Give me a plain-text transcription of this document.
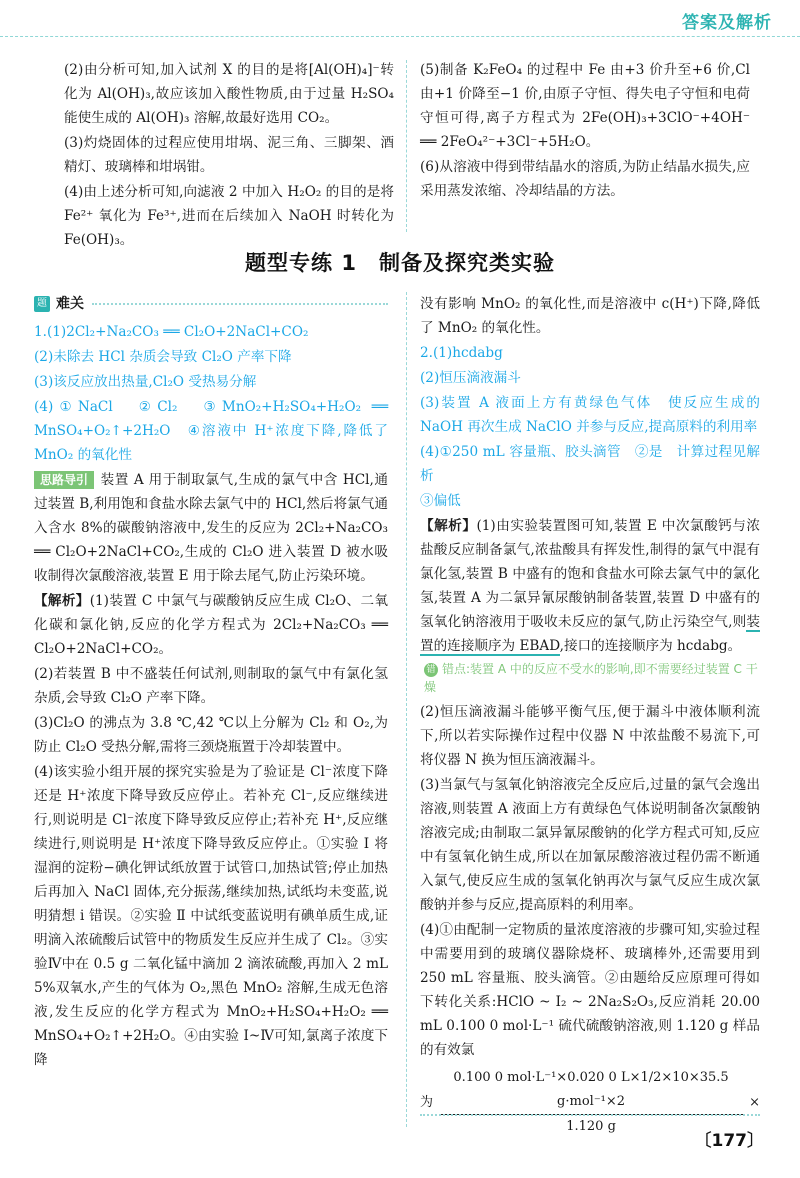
答案及解析

(2)由分析可知,加入试剂 X 的目的是将[Al(OH)₄]⁻转化为 Al(OH)₃,故应该加入酸性物质,由于过量 H₂SO₄ 能使生成的 Al(OH)₃ 溶解,故最好选用 CO₂。

(3)灼烧固体的过程应使用坩埚、泥三角、三脚架、酒精灯、玻璃棒和坩埚钳。

(4)由上述分析可知,向滤液 2 中加入 H₂O₂ 的目的是将 Fe²⁺ 氧化为 Fe³⁺,进而在后续加入 NaOH 时转化为Fe(OH)₃。

(5)制备 K₂FeO₄ 的过程中 Fe 由+3 价升至+6 价,Cl 由+1 价降至−1 价,由原子守恒、得失电子守恒和电荷守恒可得,离子方程式为 2Fe(OH)₃+3ClO⁻+4OH⁻ ══ 2FeO₄²⁻+3Cl⁻+5H₂O。

(6)从溶液中得到带结晶水的溶质,为防止结晶水损失,应采用蒸发浓缩、冷却结晶的方法。

题型专练 1　制备及探究类实验
题 难关

1.(1)2Cl₂+Na₂CO₃ ══ Cl₂O+2NaCl+CO₂

(2)未除去 HCl 杂质会导致 Cl₂O 产率下降

(3)该反应放出热量,Cl₂O 受热易分解

(4)①NaCl　②Cl₂　③MnO₂+H₂SO₄+H₂O₂ ══ MnSO₄+O₂↑+2H₂O　④溶液中 H⁺浓度下降,降低了 MnO₂ 的氧化性

思路导引 装置 A 用于制取氯气,生成的氯气中含 HCl,通过装置 B,利用饱和食盐水除去氯气中的 HCl,然后将氯气通入含水 8%的碳酸钠溶液中,发生的反应为 2Cl₂+Na₂CO₃ ══ Cl₂O+2NaCl+CO₂,生成的 Cl₂O 进入装置 D 被水吸收制得次氯酸溶液,装置 E 用于除去尾气,防止污染环境。

【解析】(1)装置 C 中氯气与碳酸钠反应生成 Cl₂O、二氧化碳和氯化钠,反应的化学方程式为 2Cl₂+Na₂CO₃ ══ Cl₂O+2NaCl+CO₂。

(2)若装置 B 中不盛装任何试剂,则制取的氯气中有氯化氢杂质,会导致 Cl₂O 产率下降。

(3)Cl₂O 的沸点为 3.8 ℃,42 ℃以上分解为 Cl₂ 和 O₂,为防止 Cl₂O 受热分解,需将三颈烧瓶置于冷却装置中。

(4)该实验小组开展的探究实验是为了验证是 Cl⁻浓度下降还是 H⁺浓度下降导致反应停止。若补充 Cl⁻,反应继续进行,则说明是 Cl⁻浓度下降导致反应停止;若补充 H⁺,反应继续进行,则说明是 H⁺浓度下降导致反应停止。①实验 Ⅰ 将湿润的淀粉−碘化钾试纸放置于试管口,加热试管;停止加热后再加入 NaCl 固体,充分振荡,继续加热,试纸均未变蓝,说明猜想 ⅰ 错误。②实验 Ⅱ 中试纸变蓝说明有碘单质生成,证明滴入浓硫酸后试管中的物质发生反应并生成了 Cl₂。③实验Ⅳ中在 0.5 g 二氧化锰中滴加 2 滴浓硫酸,再加入 2 mL 5%双氧水,产生的气体为 O₂,黑色 MnO₂ 溶解,生成无色溶液,发生反应的化学方程式为 MnO₂+H₂SO₄+H₂O₂ ══ MnSO₄+O₂↑+2H₂O。④由实验 Ⅰ~Ⅳ可知,氯离子浓度下降

没有影响 MnO₂ 的氧化性,而是溶液中 c(H⁺)下降,降低了 MnO₂ 的氧化性。

2.(1)hcdabg

(2)恒压滴液漏斗

(3)装置 A 液面上方有黄绿色气体　使反应生成的 NaOH 再次生成 NaClO 并参与反应,提高原料的利用率

(4)①250 mL 容量瓶、胶头滴管　②是　计算过程见解析

③偏低

【解析】(1)由实验装置图可知,装置 E 中次氯酸钙与浓盐酸反应制备氯气,浓盐酸具有挥发性,制得的氯气中混有氯化氢,装置 B 中盛有的饱和食盐水可除去氯气中的氯化氢,装置 A 为二氯异氰尿酸钠制备装置,装置 D 中盛有的氢氧化钠溶液用于吸收未反应的氯气,防止污染空气,则装置的连接顺序为 EBAD,接口的连接顺序为 hcdabg。

错 错点:装置 A 中的反应不受水的影响,即不需要经过装置 C 干燥

(2)恒压滴液漏斗能够平衡气压,便于漏斗中液体顺利流下,所以若实际操作过程中仪器 N 中浓盐酸不易流下,可将仪器 N 换为恒压滴液漏斗。

(3)当氯气与氢氧化钠溶液完全反应后,过量的氯气会逸出溶液,则装置 A 液面上方有黄绿色气体说明制备次氯酸钠溶液完成;由制取二氯异氰尿酸钠的化学方程式可知,反应中有氢氧化钠生成,所以在加氰尿酸溶液过程仍需不断通入氯气,使反应生成的氢氧化钠再次与氯气反应生成次氯酸钠并参与反应,提高原料的利用率。

(4)①由配制一定物质的量浓度溶液的步骤可知,实验过程中需要用到的玻璃仪器除烧杯、玻璃棒外,还需要用到 250 mL 容量瓶、胶头滴管。②由题给反应原理可得如下转化关系:HClO ~ I₂ ~ 2Na₂S₂O₃,反应消耗 20.00 mL 0.100 0 mol·L⁻¹ 硫代硫酸钠溶液,则 1.120 g 样品的有效氯

为 $\frac{\text{0.100 0 mol·L⁻¹×0.020 0 L×1/2×10×35.5 g·mol⁻¹×2}}{1.120 g}$ ×
〔177〕
